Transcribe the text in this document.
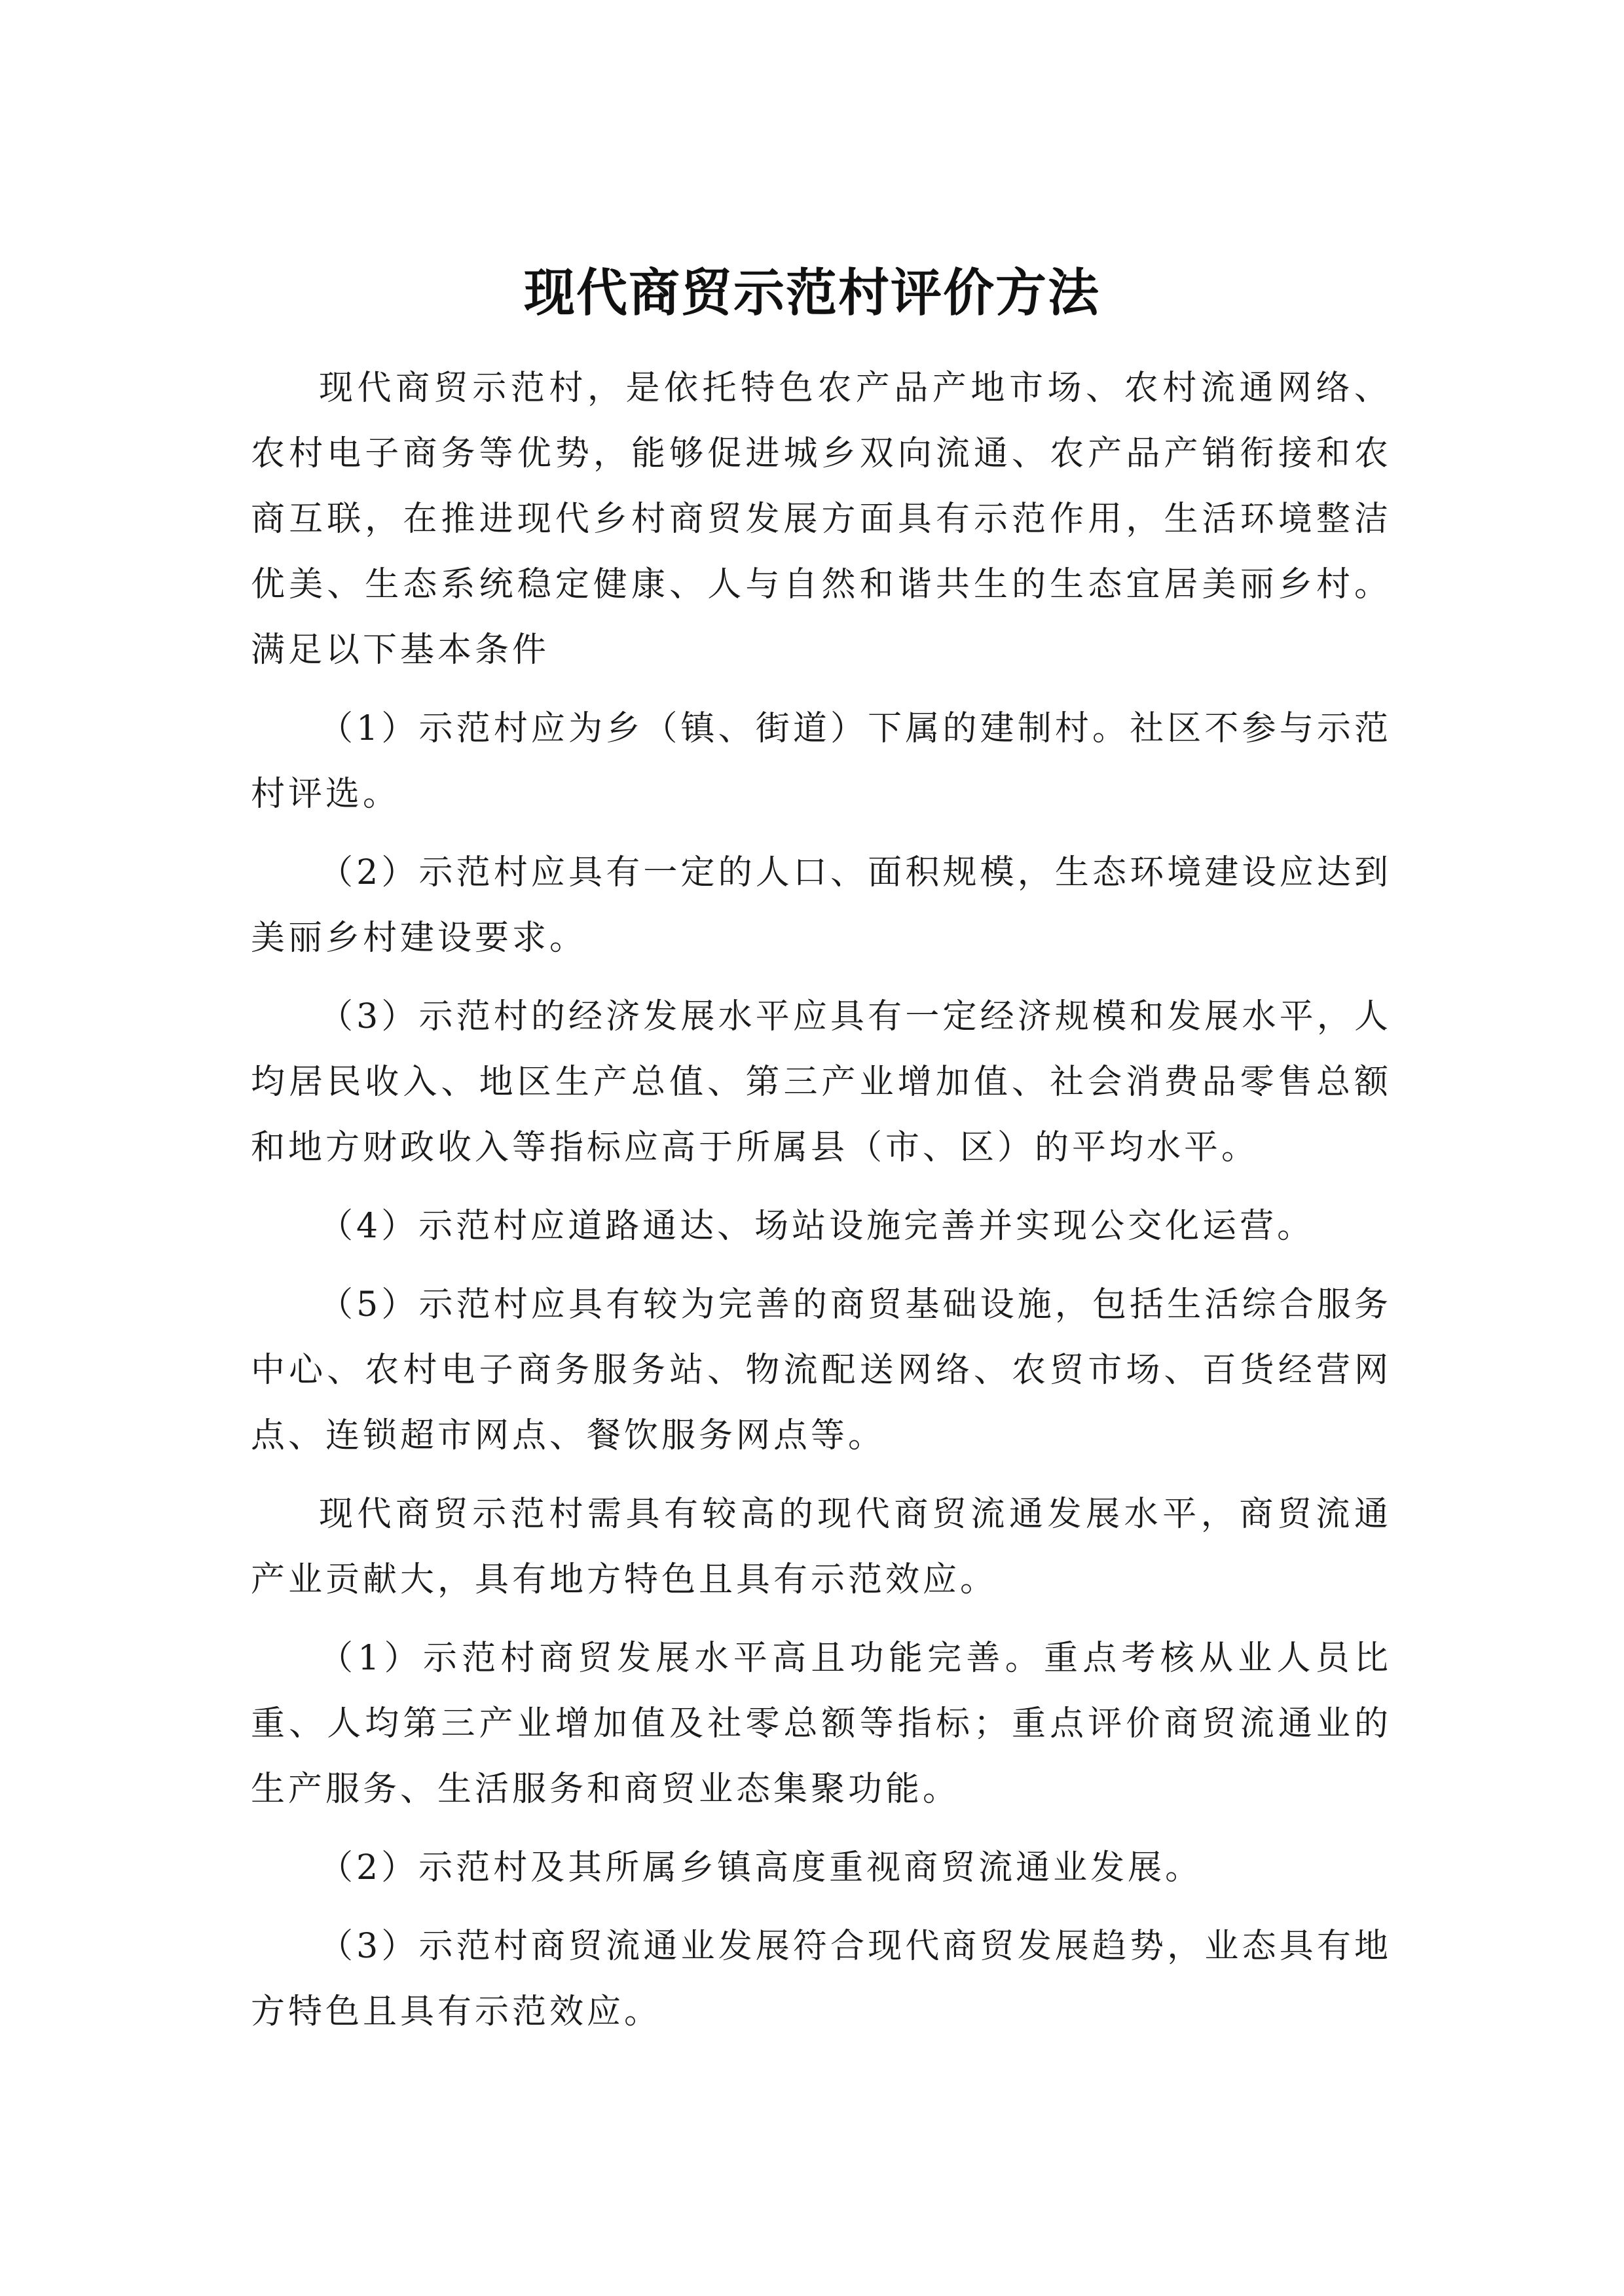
现代商贸示范村评价方法

现代商贸示范村，是依托特色农产品产地市场、农村流通网络、农村电子商务等优势，能够促进城乡双向流通、农产品产销衔接和农商互联，在推进现代乡村商贸发展方面具有示范作用，生活环境整洁优美、生态系统稳定健康、人与自然和谐共生的生态宜居美丽乡村。满足以下基本条件

（1）示范村应为乡（镇、街道）下属的建制村。社区不参与示范村评选。

（2）示范村应具有一定的人口、面积规模，生态环境建设应达到美丽乡村建设要求。

（3）示范村的经济发展水平应具有一定经济规模和发展水平，人均居民收入、地区生产总值、第三产业增加值、社会消费品零售总额和地方财政收入等指标应高于所属县（市、区）的平均水平。

（4）示范村应道路通达、场站设施完善并实现公交化运营。

（5）示范村应具有较为完善的商贸基础设施，包括生活综合服务中心、农村电子商务服务站、物流配送网络、农贸市场、百货经营网点、连锁超市网点、餐饮服务网点等。

现代商贸示范村需具有较高的现代商贸流通发展水平，商贸流通产业贡献大，具有地方特色且具有示范效应。

（1）示范村商贸发展水平高且功能完善。重点考核从业人员比重、人均第三产业增加值及社零总额等指标；重点评价商贸流通业的生产服务、生活服务和商贸业态集聚功能。

（2）示范村及其所属乡镇高度重视商贸流通业发展。

（3）示范村商贸流通业发展符合现代商贸发展趋势，业态具有地方特色且具有示范效应。
